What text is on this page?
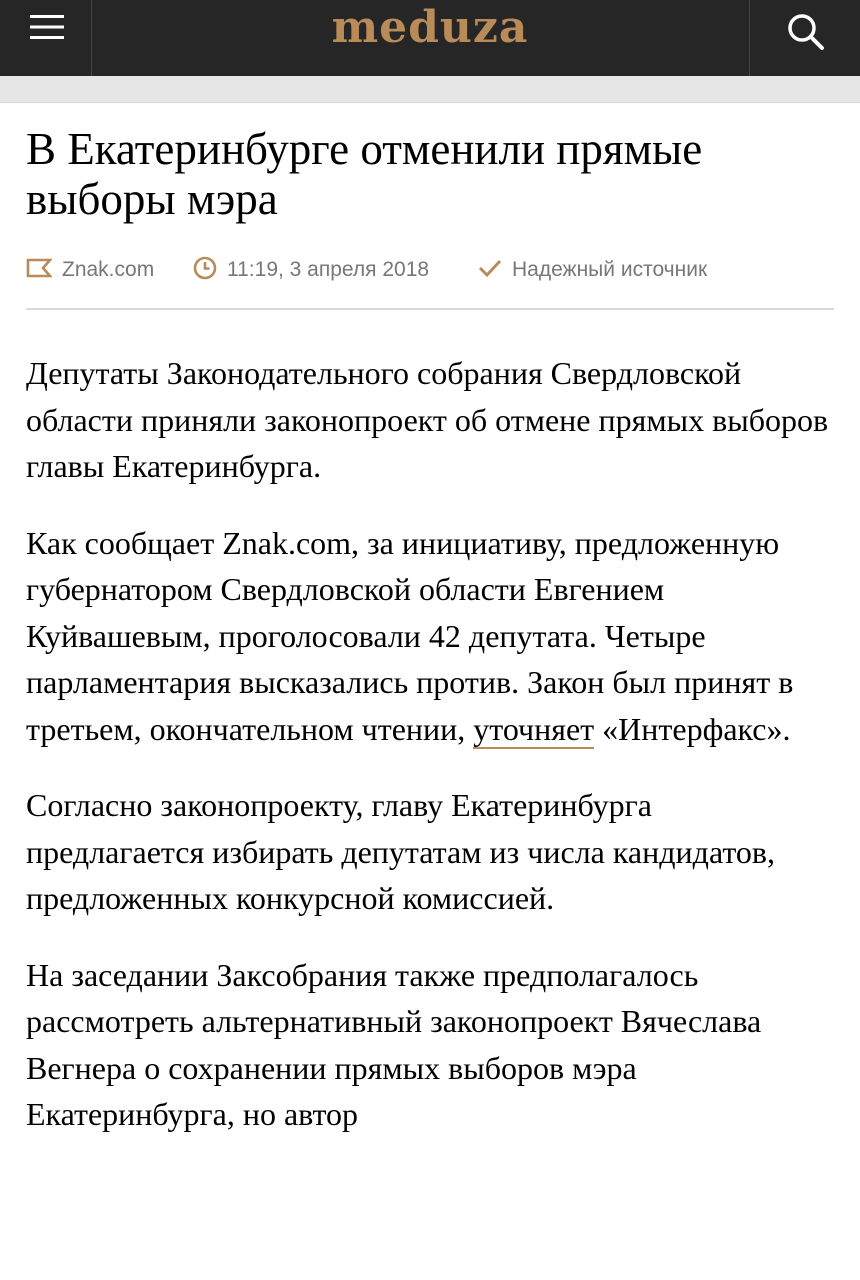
meduza
В Екатеринбурге отменили прямые выборы мэра
Znak.com	11:19, 3 апреля 2018	Надежный источник

Депутаты Законодательного собрания Свердловской области приняли законопроект об отмене прямых выборов главы Екатеринбурга.

Как сообщает Znak.com, за инициативу, предложенную губернатором Свердловской области Евгением Куйвашевым, проголосовали 42 депутата. Четыре парламентария высказались против. Закон был принят в третьем, окончательном чтении, уточняет «Интерфакс».

Согласно законопроекту, главу Екатеринбурга предлагается избирать депутатам из числа кандидатов, предложенных конкурсной комиссией.

На заседании Заксобрания также предполагалось рассмотреть альтернативный законопроект Вячеслава Вегнера о сохранении прямых выборов мэра Екатеринбурга, но автор
